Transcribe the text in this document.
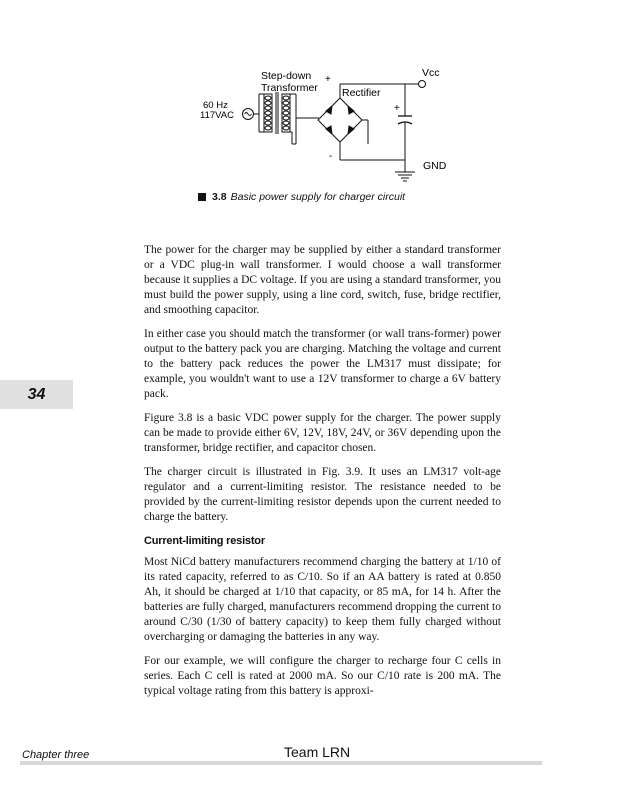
Step-down
Transformer
60 Hz
117VAC
Rectifier
+
Vcc
-
+
GND
3.8 Basic power supply for charger circuit

The power for the charger may be supplied by either a standard transformer or a VDC plug-in wall transformer. I would choose a wall transformer because it supplies a DC voltage. If you are using a standard transformer, you must build the power supply, using a line cord, switch, fuse, bridge rectifier, and smoothing capacitor.

In either case you should match the transformer (or wall trans-former) power output to the battery pack you are charging. Matching the voltage and current to the battery pack reduces the power the LM317 must dissipate; for example, you wouldn't want to use a 12V transformer to charge a 6V battery pack.

Figure 3.8 is a basic VDC power supply for the charger. The power supply can be made to provide either 6V, 12V, 18V, 24V, or 36V depending upon the transformer, bridge rectifier, and capacitor chosen.

The charger circuit is illustrated in Fig. 3.9. It uses an LM317 volt-age regulator and a current-limiting resistor. The resistance needed to be provided by the current-limiting resistor depends upon the current needed to charge the battery.

Current-limiting resistor

Most NiCd battery manufacturers recommend charging the battery at 1/10 of its rated capacity, referred to as C/10. So if an AA battery is rated at 0.850 Ah, it should be charged at 1/10 that capacity, or 85 mA, for 14 h. After the batteries are fully charged, manufacturers recommend dropping the current to around C/30 (1/30 of battery capacity) to keep them fully charged without overcharging or damaging the batteries in any way.

For our example, we will configure the charger to recharge four C cells in series. Each C cell is rated at 2000 mA. So our C/10 rate is 200 mA. The typical voltage rating from this battery is approxi-

34
Chapter three	Team LRN
